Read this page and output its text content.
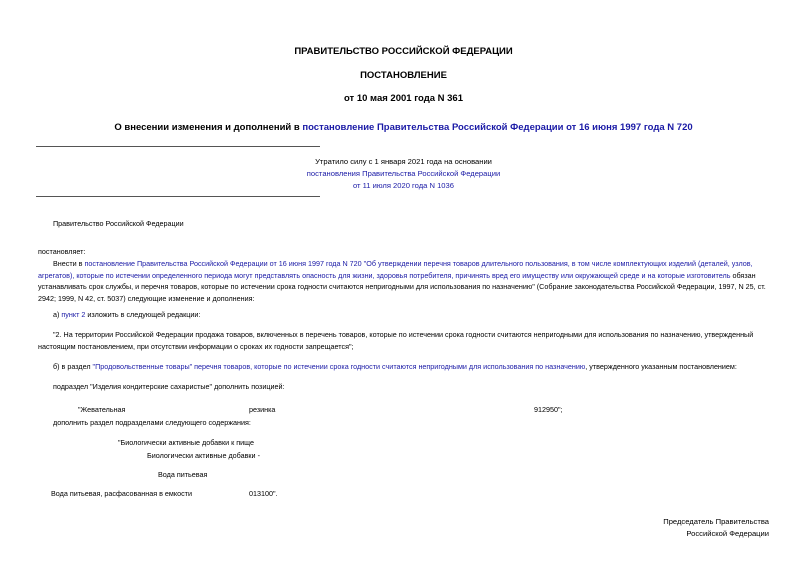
ПРАВИТЕЛЬСТВО РОССИЙСКОЙ ФЕДЕРАЦИИ
ПОСТАНОВЛЕНИЕ
от 10 мая 2001 года N 361
О внесении изменения и дополнений в постановление Правительства Российской Федерации от 16 июня 1997 года N 720
Утратило силу с 1 января 2021 года на основании
постановления Правительства Российской Федерации
от 11 июля 2020 года N 1036
Правительство Российской Федерации
постановляет:
Внести в постановление Правительства Российской Федерации от 16 июня 1997 года N 720 "Об утверждении перечня товаров длительного пользования, в том числе комплектующих изделий (деталей, узлов,
агрегатов), которые по истечении определенного периода могут представлять опасность для жизни, здоровья потребителя, причинять вред его имуществу или окружающей среде и на которые изготовитель обязан
устанавливать срок службы, и перечня товаров, которые по истечении срока годности считаются непригодными для использования по назначению" (Собрание законодательства Российской Федерации, 1997, N 25, ст.
2942; 1999, N 42, ст. 5037) следующие изменение и дополнения:
а) пункт 2 изложить в следующей редакции:
"2. На территории Российской Федерации продажа товаров, включенных в перечень товаров, которые по истечении срока годности считаются непригодными для использования по назначению, утвержденный
настоящим постановлением, при отсутствии информации о сроках их годности запрещается";
б) в раздел "Продовольственные товары" перечня товаров, которые по истечении срока годности считаются непригодными для использования по назначению, утвержденного указанным постановлением:
подраздел "Изделия кондитерские сахаристые" дополнить позицией:
"Жевательная	резинка	912950";
дополнить раздел подразделами следующего содержания:
"Биологически активные добавки к пище
Биологически активные добавки -
Вода питьевая
Вода питьевая, расфасованная в емкости	013100".
Председатель Правительства
Российской Федерации
